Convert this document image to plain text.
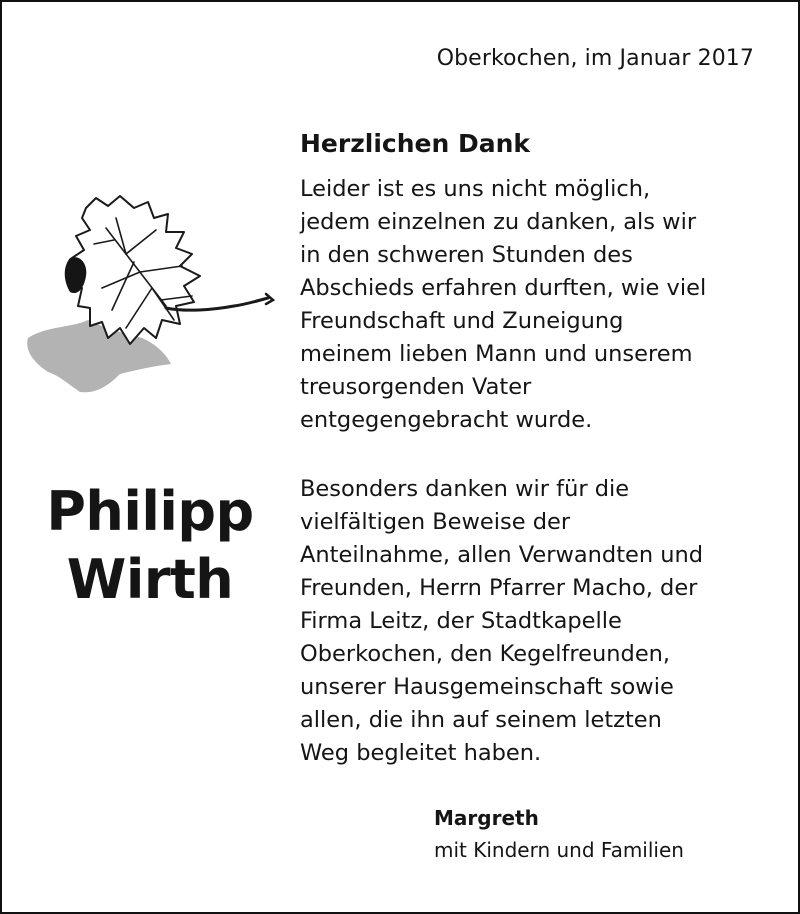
Oberkochen, im Januar 2017
Philipp
Wirth
Herzlichen Dank
Leider ist es uns nicht möglich,
jedem einzelnen zu danken, als wir
in den schweren Stunden des
Abschieds erfahren durften, wie viel
Freundschaft und Zuneigung
meinem lieben Mann und unserem
treusorgenden Vater
entgegengebracht wurde.
Besonders danken wir für die
vielfältigen Beweise der
Anteilnahme, allen Verwandten und
Freunden, Herrn Pfarrer Macho, der
Firma Leitz, der Stadtkapelle
Oberkochen, den Kegelfreunden,
unserer Hausgemeinschaft sowie
allen, die ihn auf seinem letzten
Weg begleitet haben.
Margreth
mit Kindern und Familien
